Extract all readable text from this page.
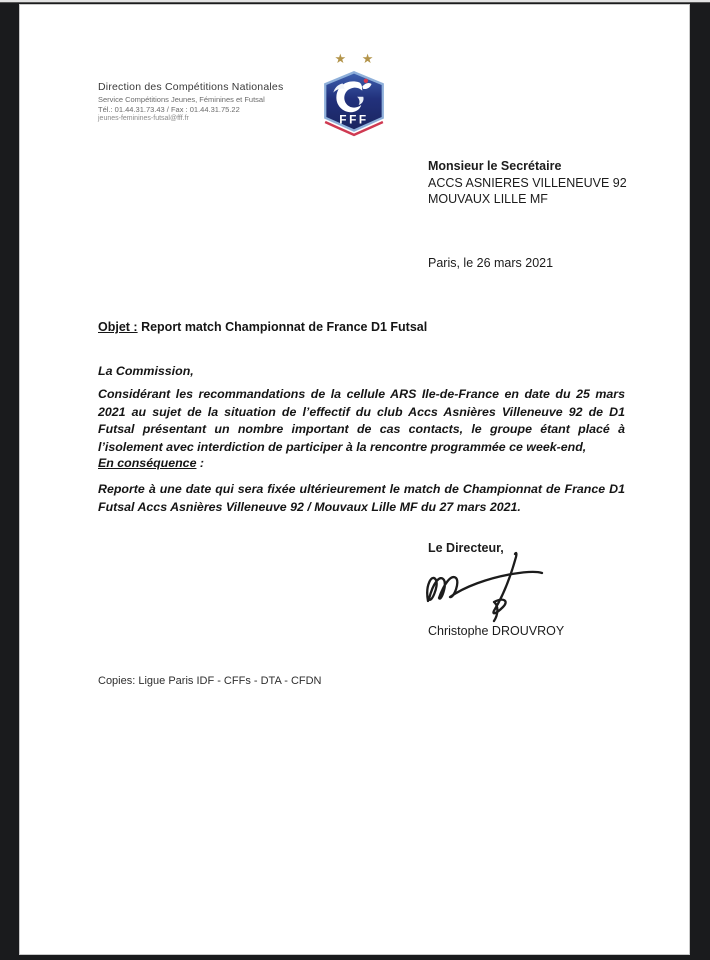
Direction des Compétitions Nationales
Service Compétitions Jeunes, Féminines et Futsal
Tél.: 01.44.31.73.43 / Fax : 01.44.31.75.22
jeunes-feminines-futsal@fff.fr
★ ★
FFF
Monsieur le Secrétaire
ACCS ASNIERES VILLENEUVE 92
MOUVAUX LILLE MF
Paris, le 26 mars 2021
Objet : Report match Championnat de France D1 Futsal
La Commission,
Considérant les recommandations de la cellule ARS Ile-de-France en date du 25 mars 2021 au sujet de la situation de l’effectif du club Accs Asnières Villeneuve 92 de D1 Futsal présentant un nombre important de cas contacts, le groupe étant placé à l’isolement avec interdiction de participer à la rencontre programmée ce week-end,
En conséquence :
Reporte à une date qui sera fixée ultérieurement le match de Championnat de France D1 Futsal Accs Asnières Villeneuve 92 / Mouvaux Lille MF du 27 mars 2021.
Le Directeur,
Christophe DROUVROY
Copies: Ligue Paris IDF - CFFs - DTA - CFDN
